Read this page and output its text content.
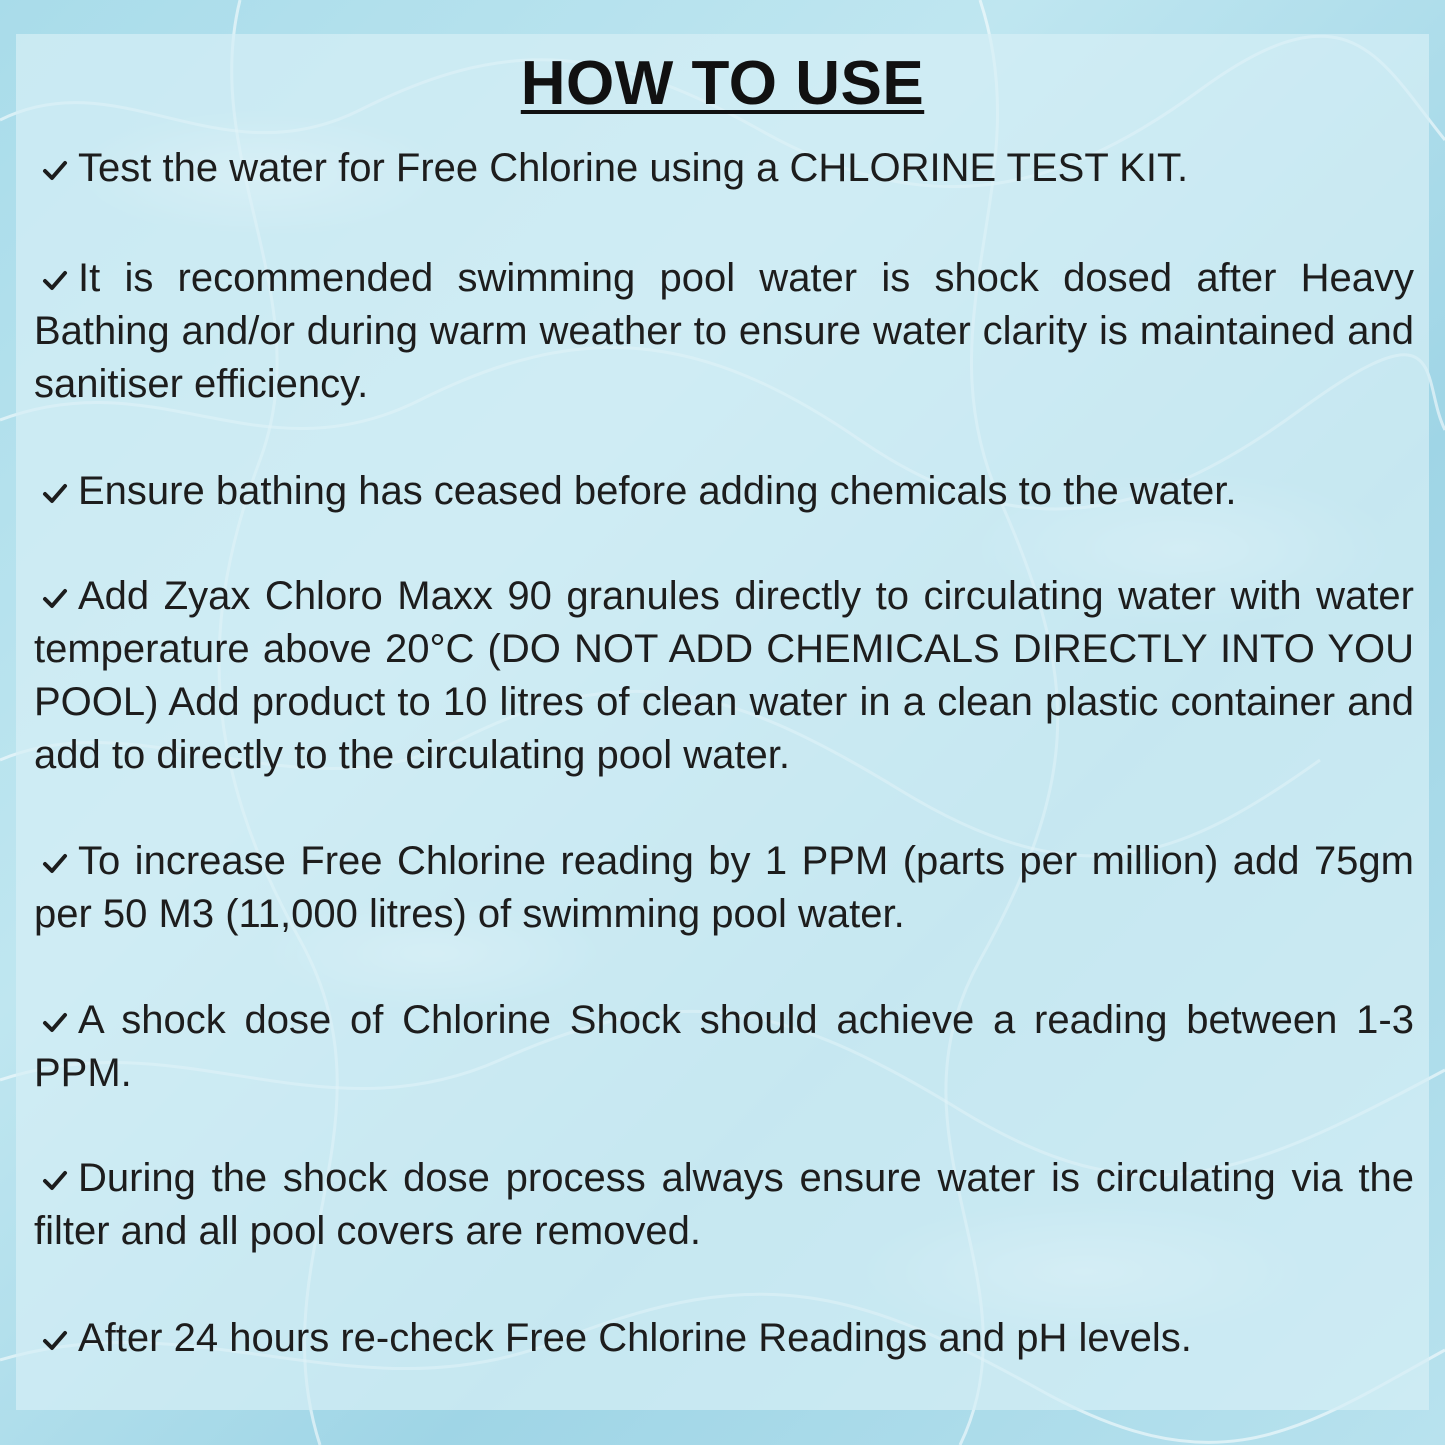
HOW TO USE

Test the water for Free Chlorine using a CHLORINE TEST KIT.

It is recommended swimming pool water is shock dosed after Heavy Bathing and/or during warm weather to ensure water clarity is maintained and sanitiser efficiency.

Ensure bathing has ceased before adding chemicals to the water.

Add Zyax Chloro Maxx 90 granules directly to circulating water with water temperature above 20°C (DO NOT ADD CHEMICALS DIRECTLY INTO YOU POOL) Add product to 10 litres of clean water in a clean plastic container and add to directly to the circulating pool water.

To increase Free Chlorine reading by 1 PPM (parts per million) add 75gm per 50 M3 (11,000 litres) of swimming pool water.

A shock dose of Chlorine Shock should achieve a reading between 1-3 PPM.

During the shock dose process always ensure water is circulating via the filter and all pool covers are removed.

After 24 hours re-check Free Chlorine Readings and pH levels.
